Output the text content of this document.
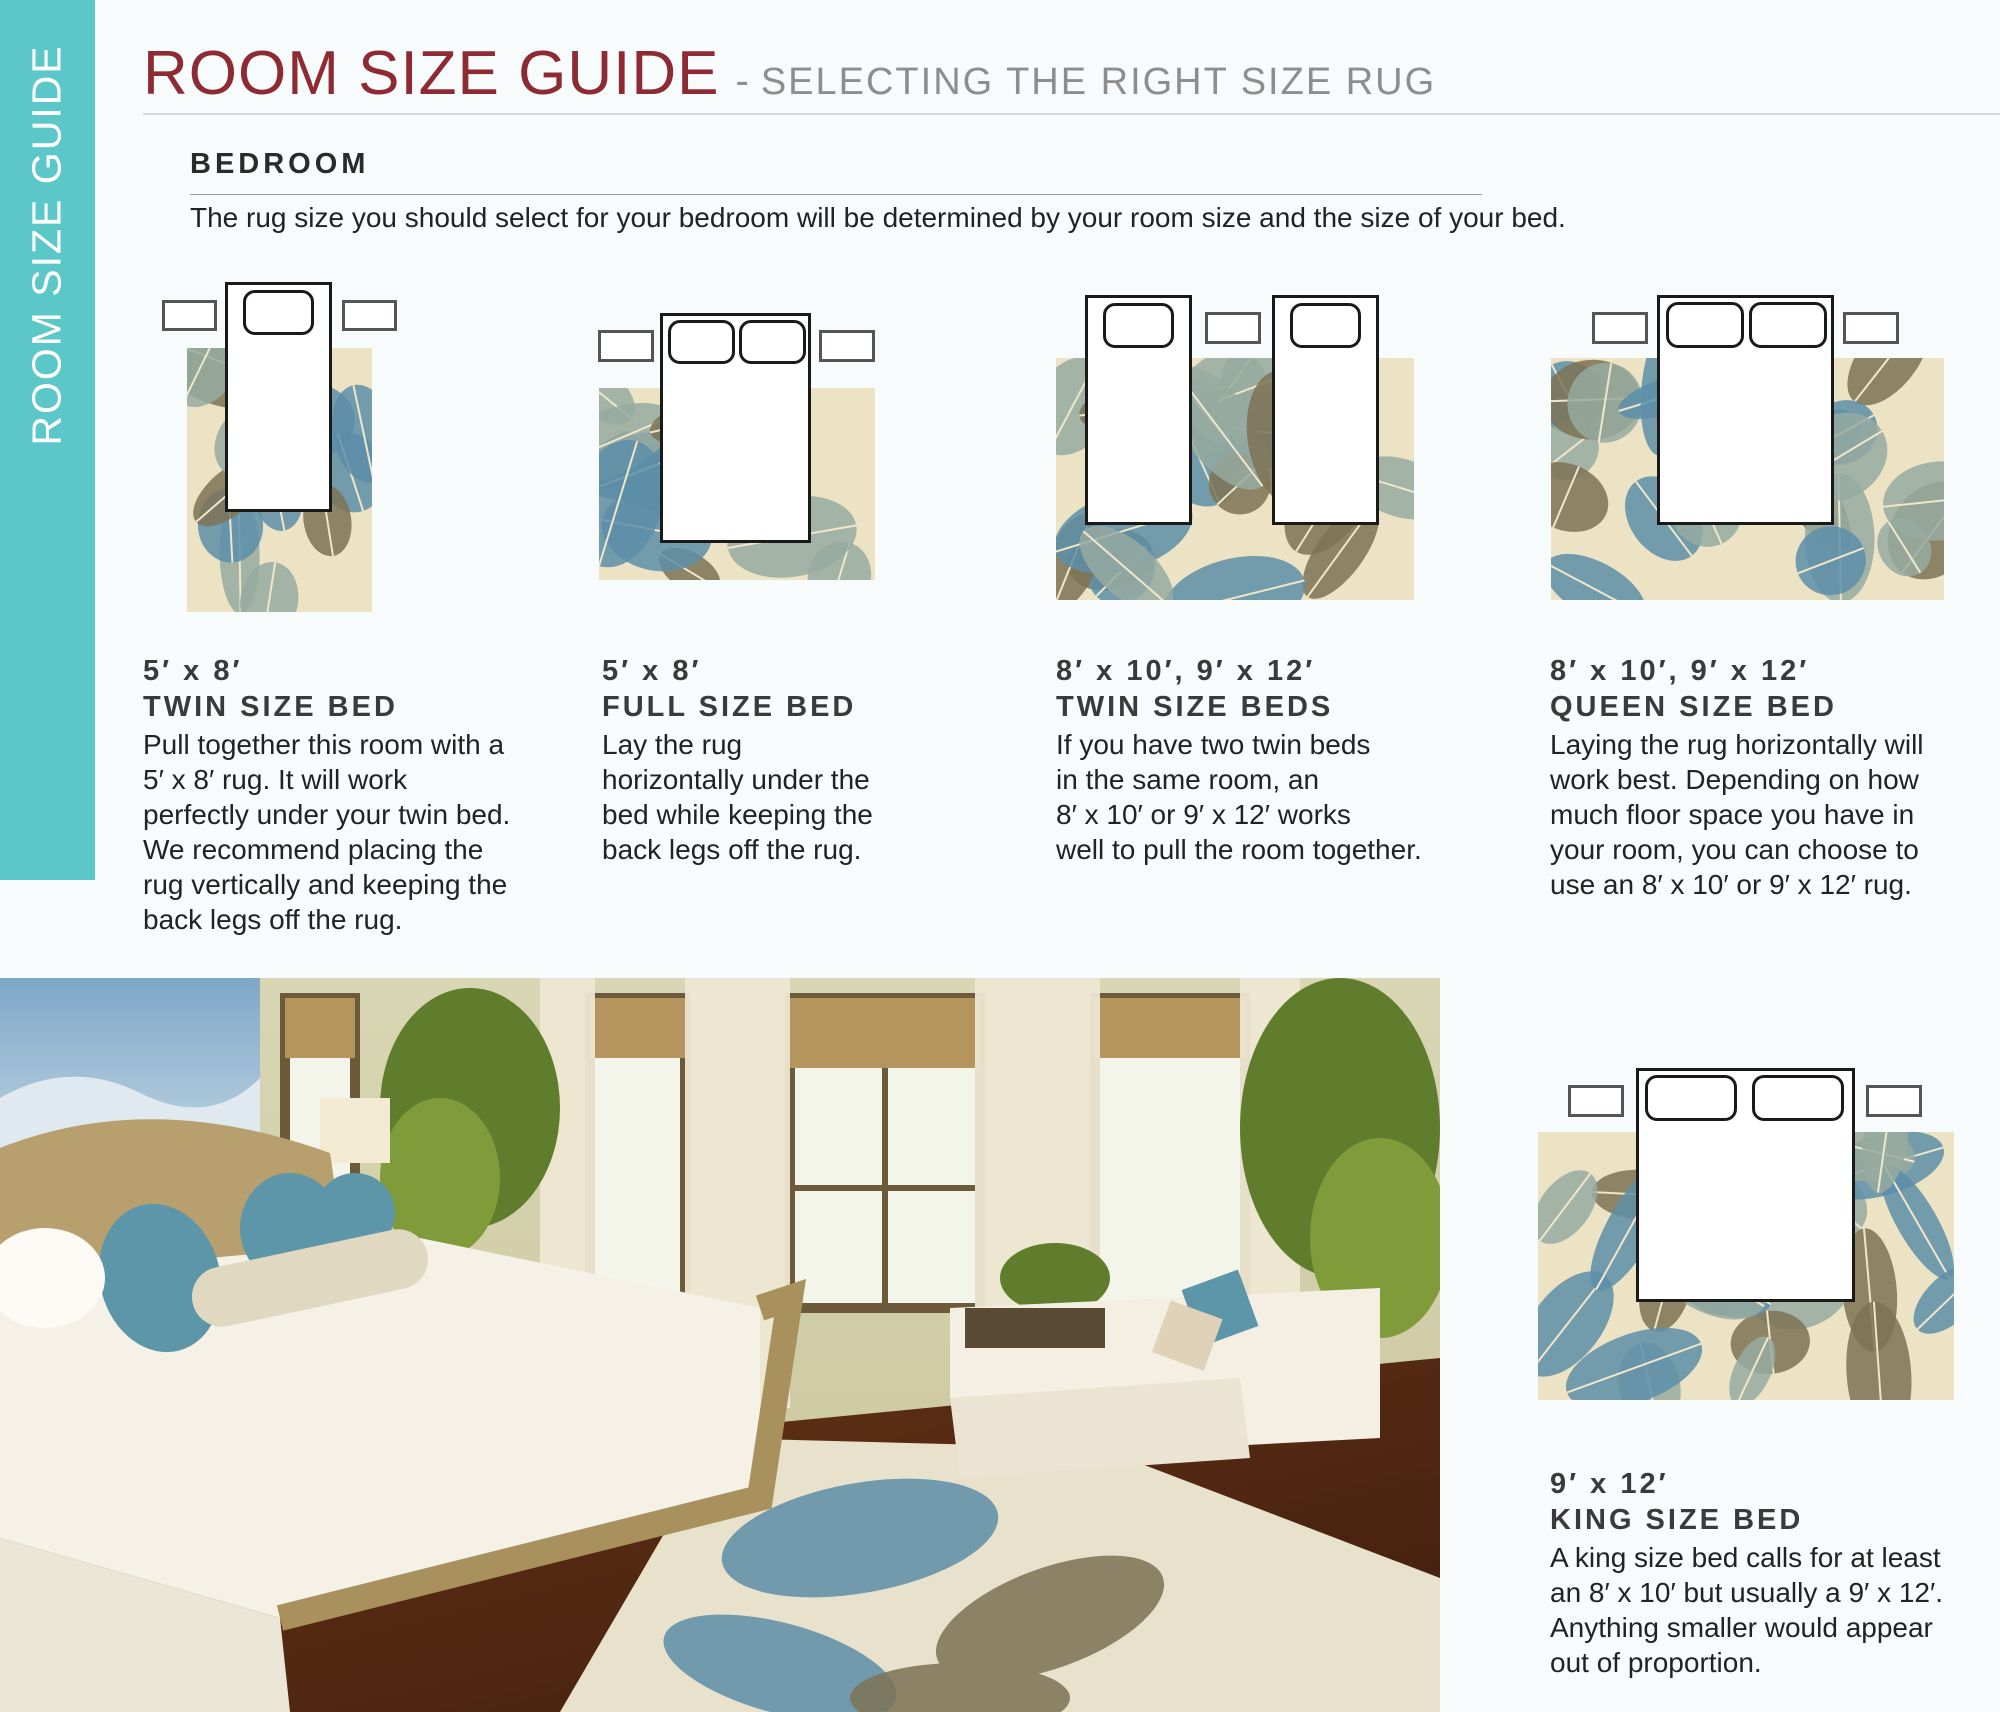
ROOM SIZE GUIDE ROOM SIZE GUIDE - SELECTING THE RIGHT SIZE RUG
BEDROOM
The rug size you should select for your bedroom will be determined by your room size and the size of your bed.
5′ x 8′
TWIN SIZE BED
Pull together this room with a
5′ x 8′ rug. It will work
perfectly under your twin bed.
We recommend placing the
rug vertically and keeping the
back legs off the rug.
5′ x 8′
FULL SIZE BED
Lay the rug
horizontally under the
bed while keeping the
back legs off the rug.
8′ x 10′, 9′ x 12′
TWIN SIZE BEDS
If you have two twin beds
in the same room, an
8′ x 10′ or 9′ x 12′ works
well to pull the room together.
8′ x 10′, 9′ x 12′
QUEEN SIZE BED
Laying the rug horizontally will
work best. Depending on how
much floor space you have in
your room, you can choose to
use an 8′ x 10′ or 9′ x 12′ rug.
9′ x 12′
KING SIZE BED
A king size bed calls for at least
an 8′ x 10′ but usually a 9′ x 12′.
Anything smaller would appear
out of proportion.
